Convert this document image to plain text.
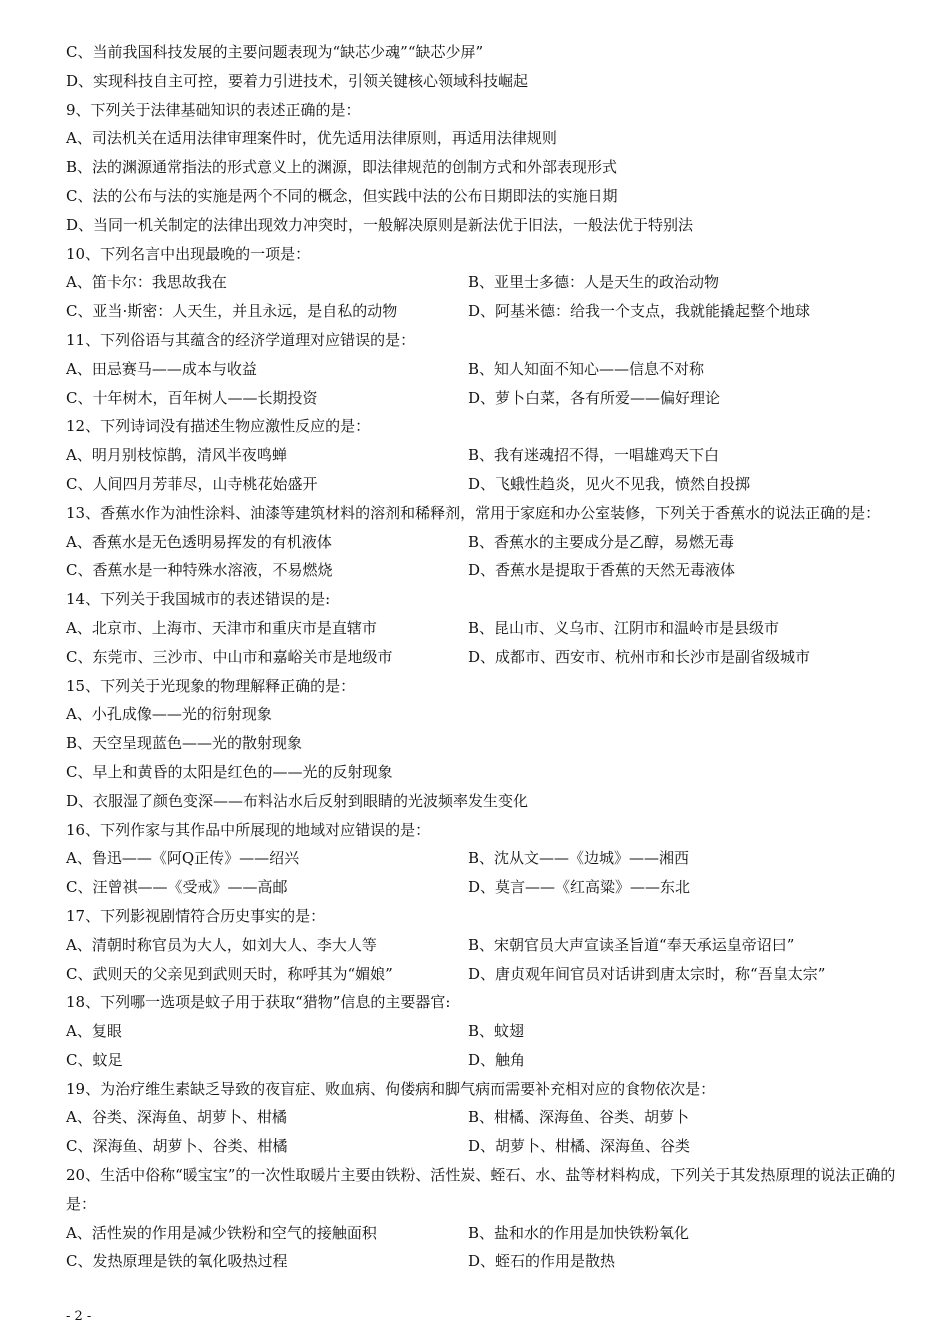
C、当前我国科技发展的主要问题表现为“缺芯少魂”“缺芯少屏”
D、实现科技自主可控，要着力引进技术，引领关键核心领域科技崛起
9、下列关于法律基础知识的表述正确的是：
A、司法机关在适用法律审理案件时，优先适用法律原则，再适用法律规则
B、法的渊源通常指法的形式意义上的渊源，即法律规范的创制方式和外部表现形式
C、法的公布与法的实施是两个不同的概念，但实践中法的公布日期即法的实施日期
D、当同一机关制定的法律出现效力冲突时，一般解决原则是新法优于旧法，一般法优于特别法
10、下列名言中出现最晚的一项是：
A、笛卡尔：我思故我在	B、亚里士多德：人是天生的政治动物
C、亚当·斯密：人天生，并且永远，是自私的动物	D、阿基米德：给我一个支点，我就能撬起整个地球
11、下列俗语与其蕴含的经济学道理对应错误的是：
A、田忌赛马——成本与收益	B、知人知面不知心——信息不对称
C、十年树木，百年树人——长期投资	D、萝卜白菜，各有所爱——偏好理论
12、下列诗词没有描述生物应激性反应的是：
A、明月别枝惊鹊，清风半夜鸣蝉	B、我有迷魂招不得，一唱雄鸡天下白
C、人间四月芳菲尽，山寺桃花始盛开	D、飞蛾性趋炎，见火不见我，愤然自投掷
13、香蕉水作为油性涂料、油漆等建筑材料的溶剂和稀释剂，常用于家庭和办公室装修，下列关于香蕉水的说法正确的是：
A、香蕉水是无色透明易挥发的有机液体	B、香蕉水的主要成分是乙醇，易燃无毒
C、香蕉水是一种特殊水溶液，不易燃烧	D、香蕉水是提取于香蕉的天然无毒液体
14、下列关于我国城市的表述错误的是:
A、北京市、上海市、天津市和重庆市是直辖市	B、昆山市、义乌市、江阴市和温岭市是县级市
C、东莞市、三沙市、中山市和嘉峪关市是地级市	D、成都市、西安市、杭州市和长沙市是副省级城市
15、下列关于光现象的物理解释正确的是：
A、小孔成像——光的衍射现象
B、天空呈现蓝色——光的散射现象
C、早上和黄昏的太阳是红色的——光的反射现象
D、衣服湿了颜色变深——布料沾水后反射到眼睛的光波频率发生变化
16、下列作家与其作品中所展现的地域对应错误的是：
A、鲁迅——《阿Q正传》——绍兴	B、沈从文——《边城》——湘西
C、汪曾祺——《受戒》——高邮	D、莫言——《红高粱》——东北
17、下列影视剧情符合历史事实的是：
A、清朝时称官员为大人，如刘大人、李大人等	B、宋朝官员大声宣读圣旨道“奉天承运皇帝诏曰”
C、武则天的父亲见到武则天时，称呼其为“媚娘”	D、唐贞观年间官员对话讲到唐太宗时，称“吾皇太宗”
18、下列哪一选项是蚊子用于获取“猎物”信息的主要器官:
A、复眼	B、蚊翅
C、蚊足	D、触角
19、为治疗维生素缺乏导致的夜盲症、败血病、佝偻病和脚气病而需要补充相对应的食物依次是：
A、谷类、深海鱼、胡萝卜、柑橘	B、柑橘、深海鱼、谷类、胡萝卜
C、深海鱼、胡萝卜、谷类、柑橘	D、胡萝卜、柑橘、深海鱼、谷类
20、生活中俗称“暖宝宝”的一次性取暖片主要由铁粉、活性炭、蛭石、水、盐等材料构成，下列关于其发热原理的说法正确的是：
A、活性炭的作用是减少铁粉和空气的接触面积	B、盐和水的作用是加快铁粉氧化
C、发热原理是铁的氧化吸热过程	D、蛭石的作用是散热
- 2 -
